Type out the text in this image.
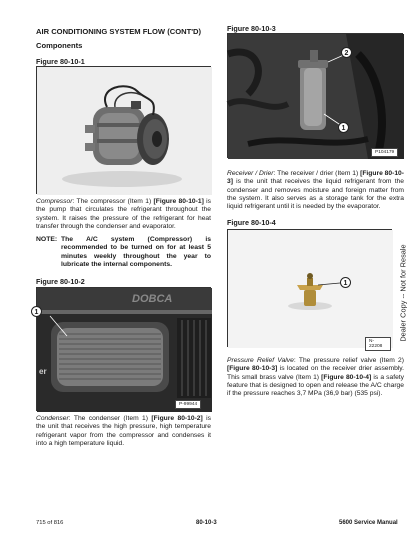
AIR CONDITIONING SYSTEM FLOW (CONT'D)
Components
Figure 80-10-1
Compressor: The compressor (Item 1) [Figure 80-10-1] is the pump that circulates the refrigerant throughout the system. It raises the pressure of the refrigerant for heat transfer through the condenser and evaporator.
NOTE: The A/C system (Compressor) is recommended to be turned on for at least 5 minutes weekly throughout the year to lubricate the internal components.
Figure 80-10-2
DOBCA
er
1
P-99944
Condenser: The condenser (Item 1) [Figure 80-10-2] is the unit that receives the high pressure, high temperature refrigerant vapor from the compressor and condenses it into a high temperature liquid.
Figure 80-10-3
2
1
P104179
Receiver / Drier: The receiver / drier (Item 1) [Figure 80-10-3] is the unit that receives the liquid refrigerant from the condenser and removes moisture and foreign matter from the system. It also serves as a storage tank for the extra liquid refrigerant until it is needed by the evaporator.
Figure 80-10-4
1
N-22208
Pressure Relief Valve: The pressure relief valve (Item 2) [Figure 80-10-3] is located on the receiver drier assembly. This small brass valve (Item 1) [Figure 80-10-4] is a safety feature that is designed to open and release the A/C charge if the pressure reaches 3,7 MPa (36,9 bar) (535 psi).
Dealer Copy -- Not for Resale
715 of 816	80-10-3	5600 Service Manual
